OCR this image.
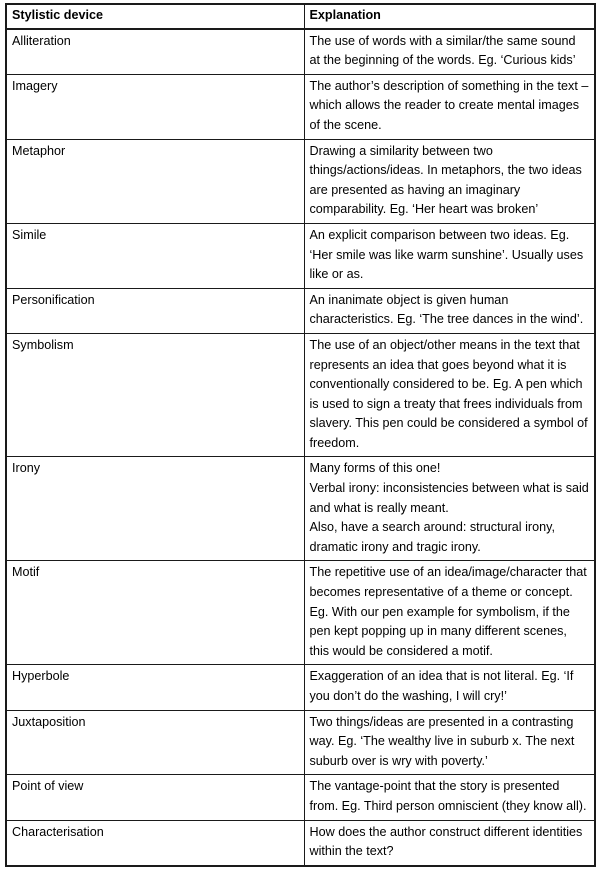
Stylistic device	Explanation
Alliteration	The use of words with a similar/the same sound at the beginning of the words. Eg. ‘Curious kids’
Imagery	The author’s description of something in the text – which allows the reader to create mental images of the scene.
Metaphor	Drawing a similarity between two things/actions/ideas. In metaphors, the two ideas are presented as having an imaginary comparability. Eg. ‘Her heart was broken’
Simile	An explicit comparison between two ideas. Eg. ‘Her smile was like warm sunshine’. Usually uses like or as.
Personification	An inanimate object is given human characteristics. Eg. ‘The tree dances in the wind’.
Symbolism	The use of an object/other means in the text that represents an idea that goes beyond what it is conventionally considered to be. Eg. A pen which is used to sign a treaty that frees individuals from slavery. This pen could be considered a symbol of freedom.
Irony	Many forms of this one!

Verbal irony: inconsistencies between what is said and what is really meant.

Also, have a search around: structural irony, dramatic irony and tragic irony.

Motif	The repetitive use of an idea/image/character that becomes representative of a theme or concept. Eg. With our pen example for symbolism, if the pen kept popping up in many different scenes, this would be considered a motif.
Hyperbole	Exaggeration of an idea that is not literal. Eg. ‘If you don’t do the washing, I will cry!’
Juxtaposition	Two things/ideas are presented in a contrasting way. Eg. ‘The wealthy live in suburb x. The next suburb over is wry with poverty.’
Point of view	The vantage-point that the story is presented from. Eg. Third person omniscient (they know all).
Characterisation	How does the author construct different identities within the text?
